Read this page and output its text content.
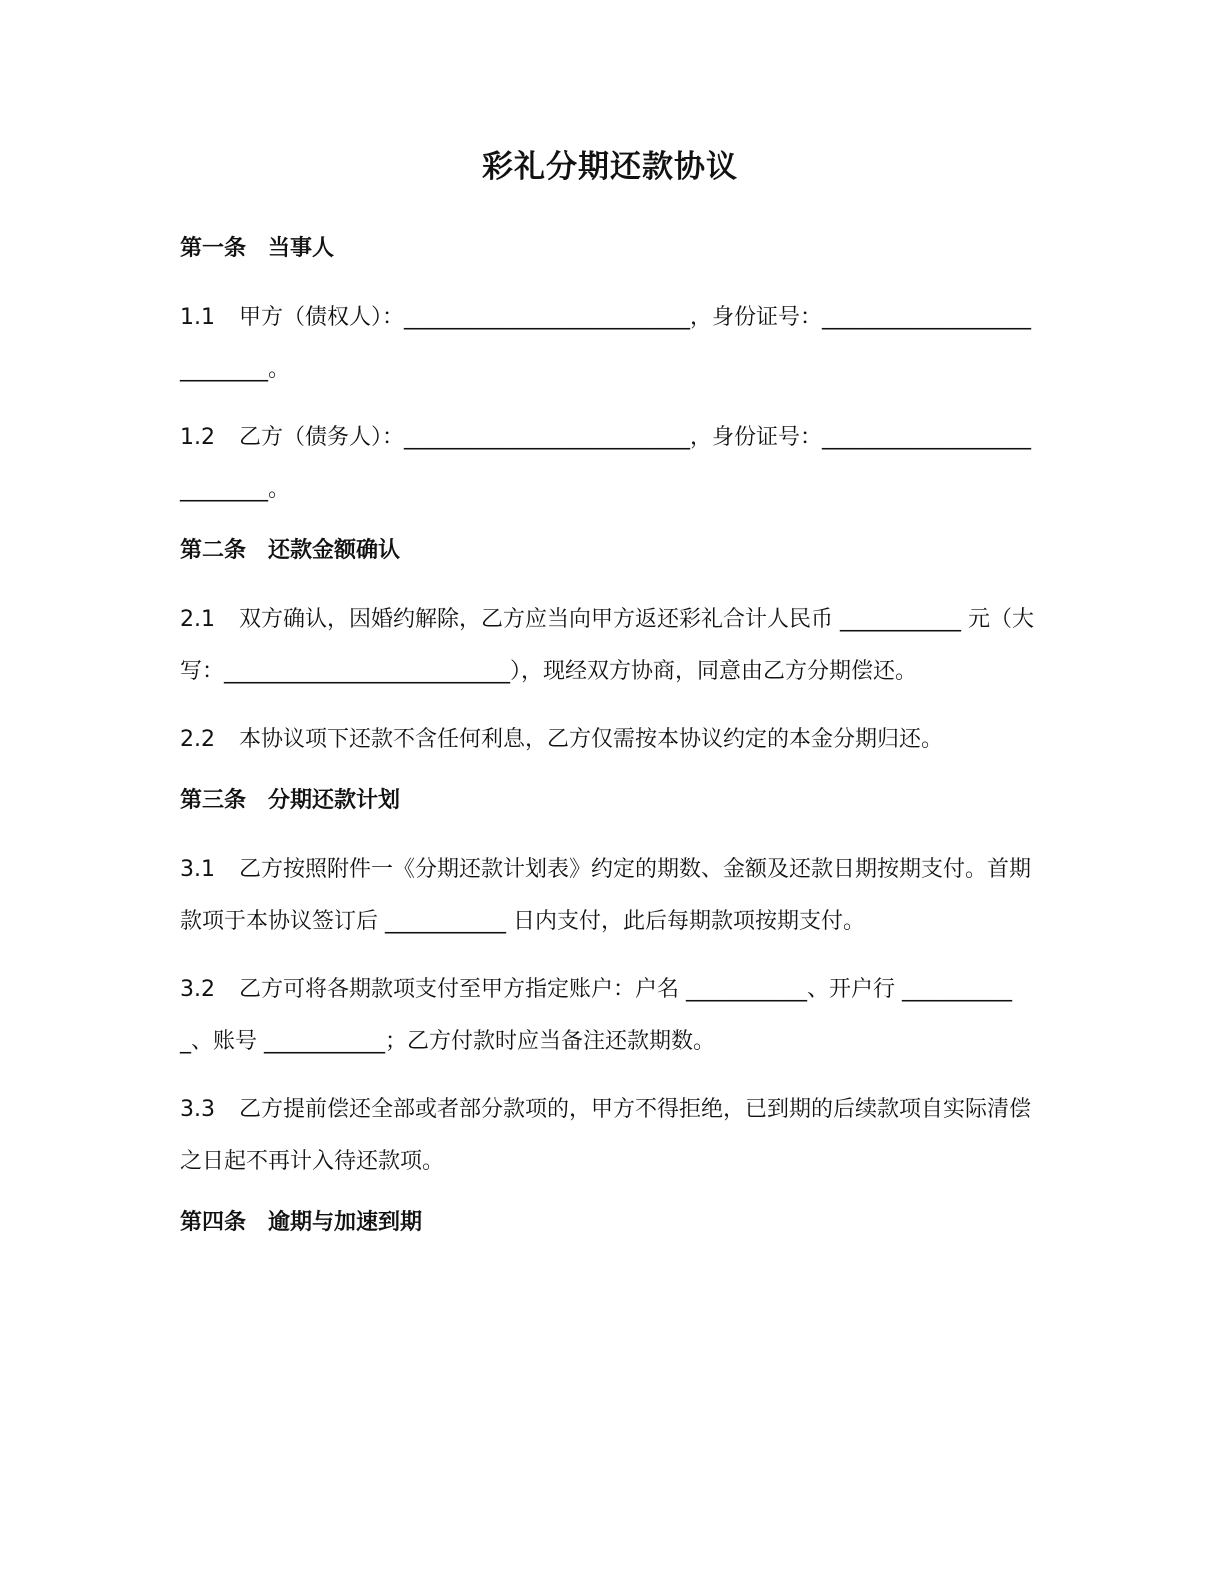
彩礼分期还款协议
第一条　当事人

1.1 甲方（债权人）：__________________________，身份证号：___________________________。

1.2 乙方（债务人）：__________________________，身份证号：___________________________。

第二条　还款金额确认

2.1 双方确认，因婚约解除，乙方应当向甲方返还彩礼合计人民币 ___________ 元（大写：__________________________），现经双方协商，同意由乙方分期偿还。

2.2 本协议项下还款不含任何利息，乙方仅需按本协议约定的本金分期归还。

第三条　分期还款计划

3.1 乙方按照附件一《分期还款计划表》约定的期数、金额及还款日期按期支付。首期款项于本协议签订后 ___________ 日内支付，此后每期款项按期支付。

3.2 乙方可将各期款项支付至甲方指定账户：户名 ___________、开户行 ___________、账号 ___________；乙方付款时应当备注还款期数。

3.3 乙方提前偿还全部或者部分款项的，甲方不得拒绝，已到期的后续款项自实际清偿之日起不再计入待还款项。

第四条　逾期与加速到期
